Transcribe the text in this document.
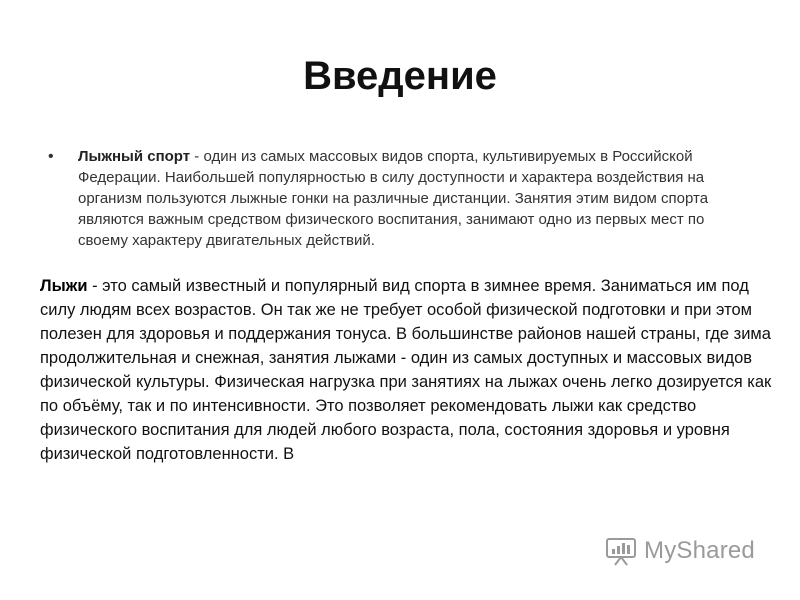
Введение
• Лыжный спорт - один из самых массовых видов спорта, культивируемых в Российской Федерации. Наибольшей популярностью в силу доступности и характера воздействия на организм пользуются лыжные гонки на различные дистанции. Занятия этим видом спорта являются важным средством физического воспитания, занимают одно из первых мест по своему характеру двигательных действий.
Лыжи - это самый известный и популярный вид спорта в зимнее время. Заниматься им под силу людям всех возрастов. Он так же не требует особой физической подготовки и при этом полезен для здоровья и поддержания тонуса. В большинстве районов нашей страны, где зима продолжительная и снежная, занятия лыжами - один из самых доступных и массовых видов физической культуры. Физическая нагрузка при занятиях на лыжах очень легко дозируется как по объёму, так и по интенсивности. Это позволяет рекомендовать лыжи как средство физического воспитания для людей любого возраста, пола, состояния здоровья и уровня физической подготовленности. В
MyShared
